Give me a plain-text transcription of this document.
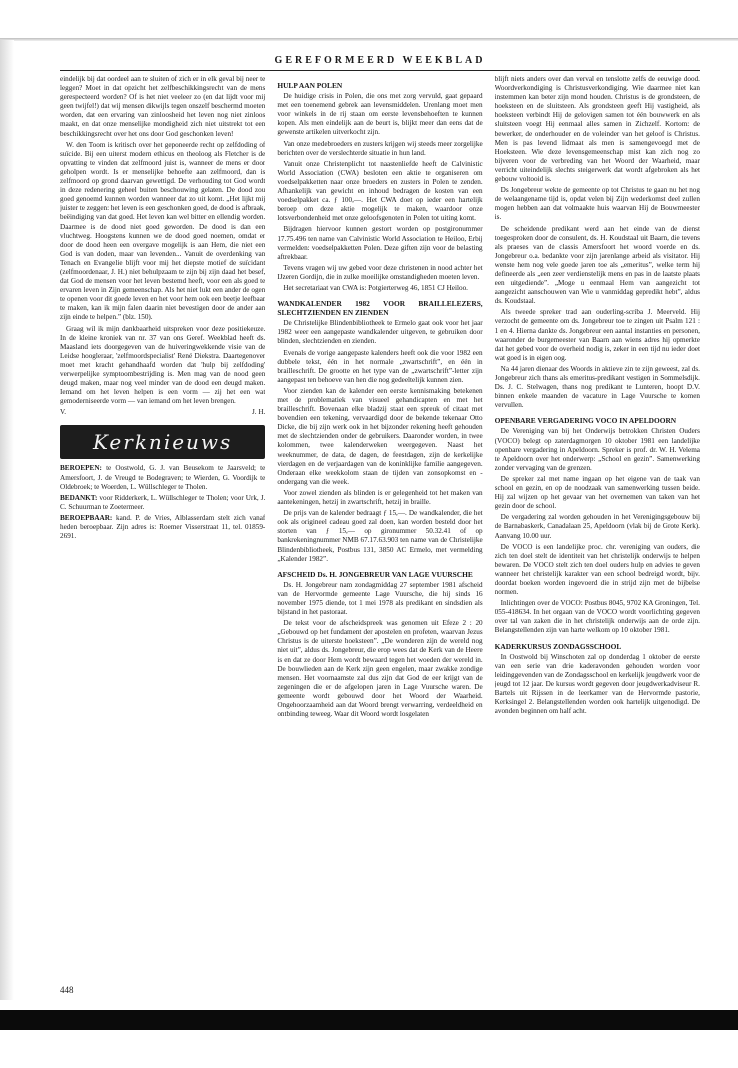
GEREFORMEERD WEEKBLAD

eindelijk bij dat oordeel aan te sluiten of zich er in elk geval bij neer te leggen? Moet in dat opzicht het zelfbeschikkingsrecht van de mens gerespecteerd worden? Of is het niet veeleer zo (en dat lijdt voor mij geen twijfel!) dat wij mensen dikwijls tegen onszelf beschermd moeten worden, dat een ervaring van zinloosheid het leven nog niet zinloos maakt, en dat onze menselijke mondigheid zich niet uitstrekt tot een beschikkingsrecht over het ons door God geschonken leven!

W. den Toom is kritisch over het geponeerde recht op zelfdoding of suïcide. Bij een uiterst modern ethicus en theoloog als Fletcher is de opvatting te vinden dat zelfmoord juist is, wanneer de mens er door geholpen wordt. Is er menselijke behoefte aan zelfmoord, dan is zelfmoord op grond daarvan gewettigd. De verhouding tot God wordt in deze redenering geheel buiten beschouwing gelaten. De dood zou goed genoemd kunnen worden wanneer dat zo uit komt. „Het lijkt mij juister te zeggen: het leven is een geschonken goed, de dood is afbraak, beëindiging van dat goed. Het leven kan wel bitter en ellendig worden. Daarmee is de dood niet goed geworden. De dood is dan een vluchtweg. Hoogstens kunnen we de dood goed noemen, omdat er door de dood heen een overgave mogelijk is aan Hem, die niet een God is van doden, maar van levenden... Vanuit de overdenking van Tenach en Evangelie blijft voor mij het diepste motief de suïcidant (zelfmoordenaar, J. H.) niet behulpzaam te zijn bij zijn daad het besef, dat God de mensen voor het leven bestemd heeft, voor een als goed te ervaren leven in Zijn gemeenschap. Als het niet lukt een ander de ogen te openen voor dit goede leven en het voor hem ook een beetje leefbaar te maken, kan ik mijn falen daarin niet bevestigen door de ander aan zijn einde te helpen.” (blz. 150).

Graag wil ik mijn dankbaarheid uitspreken voor deze positiekeuze. In de kleine kroniek van nr. 37 van ons Geref. Weekblad heeft ds. Maasland iets doorgegeven van de huiveringwekkende visie van de Leidse hoogleraar, 'zelfmoordspecialist' René Diekstra. Daartegenover moet met kracht gehandhaafd worden dat 'hulp bij zelfdoding' verwerpelijke symptoombestrijding is. Men mag van de nood geen deugd maken, maar nog veel minder van de dood een deugd maken. Iemand om het leven helpen is een vorm — zij het een wat gemoderniseerde vorm — van iemand om het leven brengen.

V.	J. H.
Kerknieuws

BEROEPEN: te Oostwold, G. J. van Beusekom te Jaarsveld; te Amersfoort, J. de Vreugd te Bodegraven; te Wierden, G. Voordijk te Oldebroek; te Woerden, L. Wüllschleger te Tholen.

BEDANKT: voor Ridderkerk, L. Wüllschleger te Tholen; voor Urk, J. C. Schuurman te Zoetermeer.

BEROEPBAAR: kand. P. de Vries, Alblasserdam stelt zich vanaf heden beroepbaar. Zijn adres is: Roemer Visserstraat 11, tel. 01859-2691.

HULP AAN POLEN

De huidige crisis in Polen, die ons met zorg vervuld, gaat gepaard met een toenemend gebrek aan levensmiddelen. Urenlang moet men voor winkels in de rij staan om eerste levensbehoeften te kunnen kopen. Als men eindelijk aan de beurt is, blijkt meer dan eens dat de gewenste artikelen uitverkocht zijn.

Van onze medebroeders en zusters krijgen wij steeds meer zorgelijke berichten over de verslechterde situatie in hun land.

Vanuit onze Christenplicht tot naastenliefde heeft de Calvinistic World Association (CWA) besloten een aktie te organiseren om voedselpakketten naar onze broeders en zusters in Polen te zenden. Afhankelijk van gewicht en inhoud bedragen de kosten van een voedselpakket ca. ƒ 100,—. Het CWA doet op ieder een hartelijk beroep om deze aktie mogelijk te maken, waardoor onze lotsverbondenheid met onze geloofsgenoten in Polen tot uiting komt.

Bijdragen hiervoor kunnen gestort worden op postgironummer 17.75.496 ten name van Calvinistic World Association te Heiloo, Erbij vermelden: voedselpakketten Polen. Deze giften zijn voor de belasting aftrekbaar.

Tevens vragen wij uw gebed voor deze christenen in nood achter het IJzeren Gordijn, die in zulke moeilijke omstandigheden moeten leven.

Het secretariaat van CWA is: Potgierterweg 46, 1851 CJ Heiloo.

WANDKALENDER 1982 VOOR BRAILLELEZERS, SLECHTZIENDEN EN ZIENDEN

De Christelijke Blindenbibliotheek te Ermelo gaat ook voor het jaar 1982 weer een aangepaste wandkalender uitgeven, te gebruiken door blinden, slechtzienden en zienden.

Evenals de vorige aangepaste kalenders heeft ook die voor 1982 een dubbele tekst, één in het normale „zwartschrift”, en één in brailleschrift. De grootte en het type van de „zwartschrift”-letter zijn aangepast ten behoeve van hen die nog gedeeltelijk kunnen zien.

Voor zienden kan de kalender een eerste kennismaking betekenen met de problematiek van visueel gehandicapten en met het brailleschrift. Bovenaan elke bladzij staat een spreuk of citaat met bovendien een tekening, vervaardigd door de bekende tekenaar Otto Dicke, die bij zijn werk ook in het bijzonder rekening heeft gehouden met de slechtzienden onder de gebruikers. Daaronder worden, in twee kolommen, twee kalenderweken weergegeven. Naast het weeknummer, de data, de dagen, de feestdagen, zijn de kerkelijke vierdagen en de verjaardagen van de koninklijke familie aangegeven. Onderaan elke weekkolom staan de tijden van zonsopkomst en -ondergang van die week.

Voor zowel zienden als blinden is er gelegenheid tot het maken van aantekeningen, hetzij in zwartschrift, hetzij in braille.

De prijs van de kalender bedraagt ƒ 15,—. De wandkalender, die het ook als origineel cadeau goed zal doen, kan worden besteld door het storten van ƒ 15,— op gironummer 50.32.41 of op bankrekeningnummer NMB 67.17.63.903 ten name van de Christelijke Blindenbibliotheek, Postbus 131, 3850 AC Ermelo, met vermelding „Kalender 1982”.

AFSCHEID Ds. H. JONGEBREUR VAN LAGE VUURSCHE

Ds. H. Jongebreur nam zondagmiddag 27 september 1981 afscheid van de Hervormde gemeente Lage Vuursche, die hij sinds 16 november 1975 diende, tot 1 mei 1978 als predikant en sindsdien als bijstand in het pastoraat.

De tekst voor de afscheidspreek was genomen uit Efeze 2 : 20 „Gebouwd op het fundament der apostelen en profeten, waarvan Jezus Christus is de uiterste hoeksteen”. „De wonderen zijn de wereld nog niet uit”, aldus ds. Jongebreur, die erop wees dat de Kerk van de Heere is en dat ze door Hem wordt bewaard tegen het woeden der wereld in. De bouwlieden aan de Kerk zijn geen engelen, maar zwakke zondige mensen. Het voornaamste zal dus zijn dat God de eer krijgt van de zegeningen die er de afgelopen jaren in Lage Vuursche waren. De gemeente wordt gebouwd door het Woord der Waarheid. Ongehoorzaamheid aan dat Woord brengt verwarring, verdeeldheid en ontbinding teweeg. Waar dit Woord wordt losgelaten

blijft niets anders over dan verval en tenslotte zelfs de eeuwige dood. Woordverkondiging is Christusverkondiging. Wie daarmee niet kan instemmen kan beter zijn mond houden. Christus is de grondsteen, de hoeksteen en de sluitsteen. Als grondsteen geeft Hij vastigheid, als hoeksteen verbindt Hij de gelovigen samen tot één bouwwerk en als sluitsteen voegt Hij eenmaal alles samen in Zichzelf. Kortom: de bewerker, de onderhouder en de voleinder van het geloof is Christus. Men is pas levend lidmaat als men is samengevoegd met de Hoeksteen. Wie deze levensgemeenschap mist kan zich nog zo bijveren voor de verbreding van het Woord der Waarheid, maar verricht uiteindelijk slechts steigerwerk dat wordt afgebroken als het gebouw voltooid is.

Ds Jongebreur wekte de gemeente op tot Christus te gaan nu het nog de welaangename tijd is, opdat velen bij Zijn wederkomst deel zullen mogen hebben aan dat volmaakte huis waarvan Hij de Bouwmeester is.

De scheidende predikant werd aan het einde van de dienst toegesproken door de consulent, ds. H. Koudstaal uit Baarn, die tevens als praeses van de classis Amersfoort het woord voerde en ds. Jongebreur o.a. bedankte voor zijn jarenlange arbeid als visitator. Hij wenste hem nog vele goede jaren toe als „emeritus”, welke term hij defineerde als „een zeer verdienstelijk mens en pas in de laatste plaats een uitgediende”. „Moge u eenmaal Hem van aangezicht tot aangezicht aanschouwen van Wie u vanmiddag gepredikt hebt”, aldus ds. Koudstaal.

Als tweede spreker trad aan ouderling-scriba J. Meerveld. Hij verzocht de gemeente om ds. Jongebreur toe te zingen uit Psalm 121 : 1 en 4. Hierna dankte ds. Jongebreur een aantal instanties en personen, waaronder de burgemeester van Baarn aan wiens adres hij opmerkte dat het gebed voor de overheid nodig is, zeker in een tijd nu ieder doet wat goed is in eigen oog.

Na 44 jaren dienaar des Woords in aktieve zin te zijn geweest, zal ds. Jongebreur zich thans als emeritus-predikant vestigen in Sommelsdijk. Ds. J. C. Stelwagen, thans nog predikant te Lunteren, hoopt D.V. binnen enkele maanden de vacature in Lage Vuursche te komen vervullen.

OPENBARE VERGADERING VOCO IN APELDOORN

De Vereniging van bij het Onderwijs betrokken Christen Ouders (VOCO) belegt op zaterdagmorgen 10 oktober 1981 een landelijke openbare vergadering in Apeldoorn. Spreker is prof. dr. W. H. Velema te Apeldoorn over het onderwerp: „School en gezin”. Samenwerking zonder vervaging van de grenzen.

De spreker zal met name ingaan op het eigene van de taak van school en gezin, en op de noodzaak van samenwerking tussen beide. Hij zal wijzen op het gevaar van het overnemen van taken van het gezin door de school.

De vergadering zal worden gehouden in het Verenigingsgebouw bij de Barnabaskerk, Canadalaan 25, Apeldoorn (vlak bij de Grote Kerk). Aanvang 10.00 uur.

De VOCO is een landelijke proc. chr. vereniging van ouders, die zich ten doel stelt de identiteit van het christelijk onderwijs te helpen bewaren. De VOCO stelt zich ten doel ouders hulp en advies te geven wanneer het christelijk karakter van een school bedreigd wordt, bijv. doordat boeken worden ingevoerd die in strijd zijn met de bijbelse normen.

Inlichtingen over de VOCO: Postbus 8045, 9702 KA Groningen, Tel. 055-418634. In het orgaan van de VOCO wordt voorlichting gegeven over tal van zaken die in het christelijk onderwijs aan de orde zijn. Belangstellenden zijn van harte welkom op 10 oktober 1981.

KADERKURSUS ZONDAGSSCHOOL

In Oostwold bij Winschoten zal op donderdag 1 oktober de eerste van een serie van drie kaderavonden gehouden worden voor leidinggevenden van de Zondagsschool en kerkelijk jeugdwerk voor de jeugd tot 12 jaar. De kursus wordt gegeven door jeugdwerkadviseur R. Bartels uit Rijssen in de leerkamer van de Hervormde pastorie, Kerksingel 2. Belangstellenden worden ook hartelijk uitgenodigd. De avonden beginnen om half acht.

448
